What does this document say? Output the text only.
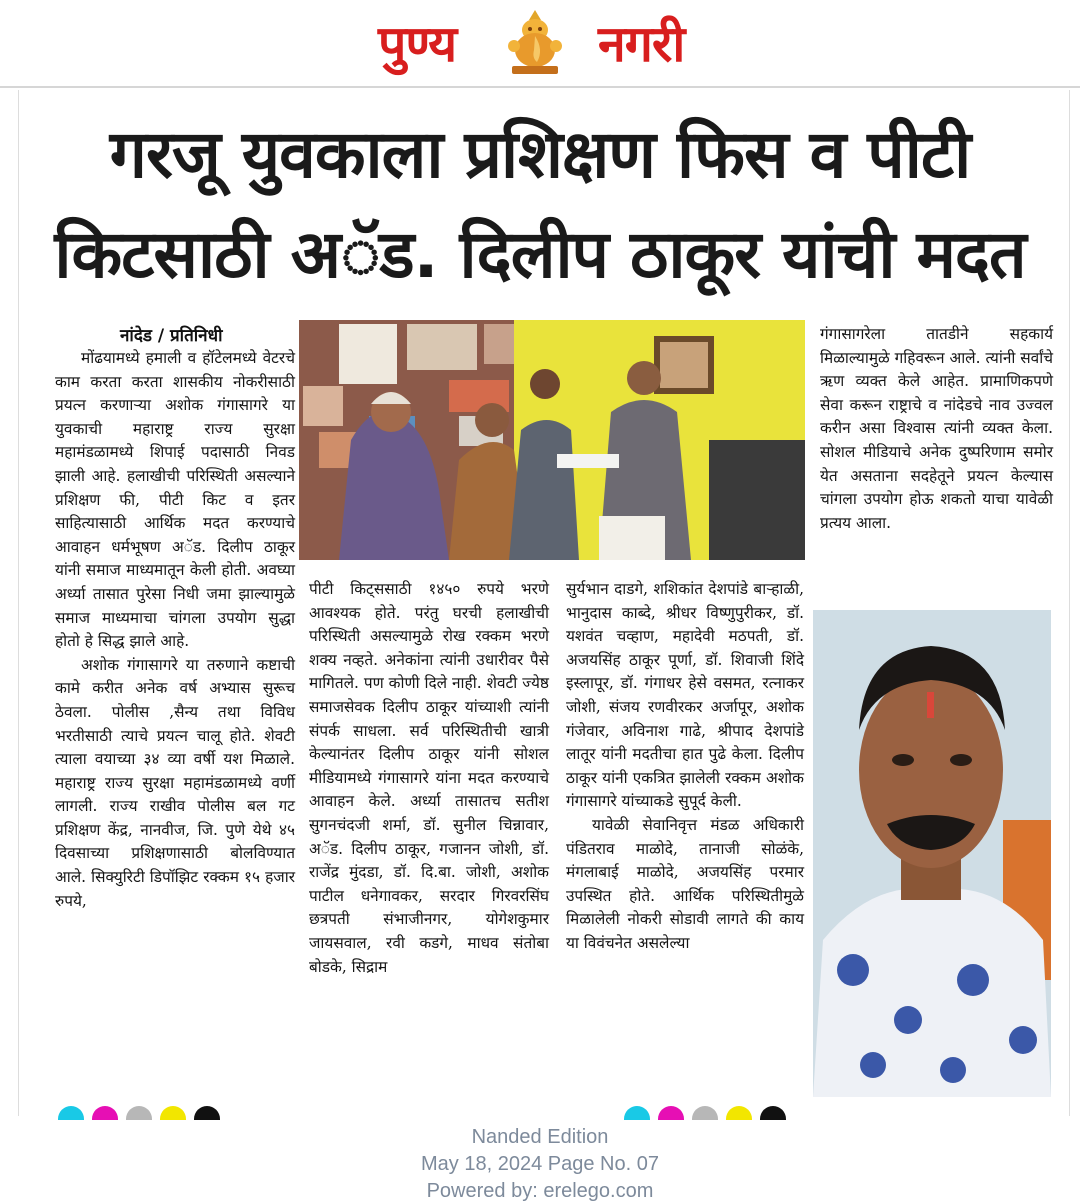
पुण्य	नगरी
गरजू युवकाला प्रशिक्षण फिस व पीटी
किटसाठी अॅड. दिलीप ठाकूर यांची मदत
नांदेड / प्रतिनिधी

मोंढयामध्ये हमाली व हॉटेलमध्ये वेटरचे काम करता करता शासकीय नोकरीसाठी प्रयत्न करणाऱ्या अशोक गंगासागरे या युवकाची महाराष्ट्र राज्य सुरक्षा महामंडळामध्ये शिपाई पदासाठी निवड झाली आहे. हलाखीची परिस्थिती असल्याने प्रशिक्षण फी, पीटी किट व इतर साहित्यासाठी आर्थिक मदत करण्याचे आवाहन धर्मभूषण अॅड. दिलीप ठाकूर यांनी समाज माध्यमातून केली होती. अवघ्या अर्ध्या तासात पुरेसा निधी जमा झाल्यामुळे समाज माध्यमाचा चांगला उपयोग सुद्धा होतो हे सिद्ध झाले आहे.

अशोक गंगासागरे या तरुणाने कष्टाची कामे करीत अनेक वर्ष अभ्यास सुरूच ठेवला. पोलीस ,सैन्य तथा विविध भरतीसाठी त्याचे प्रयत्न चालू होते. शेवटी त्याला वयाच्या ३४ व्या वर्षी यश मिळाले. महाराष्ट्र राज्य सुरक्षा महामंडळामध्ये वर्णी लागली. राज्य राखीव पोलीस बल गट प्रशिक्षण केंद्र, नानवीज, जि. पुणे येथे ४५ दिवसाच्या प्रशिक्षणासाठी बोलविण्यात आले. सिक्युरिटी डिपॉझिट रक्कम १५ हजार रुपये,

पीटी किट्ससाठी १४५० रुपये भरणे आवश्यक होते. परंतु घरची हलाखीची परिस्थिती असल्यामुळे रोख रक्कम भरणे शक्य नव्हते. अनेकांना त्यांनी उधारीवर पैसे मागितले. पण कोणी दिले नाही. शेवटी ज्येष्ठ समाजसेवक दिलीप ठाकूर यांच्याशी त्यांनी संपर्क साधला. सर्व परिस्थितीची खात्री केल्यानंतर दिलीप ठाकूर यांनी सोशल मीडियामध्ये गंगासागरे यांना मदत करण्याचे आवाहन केले. अर्ध्या तासातच सतीश सुगनचंदजी शर्मा, डॉ. सुनील चिन्नावार, अॅड. दिलीप ठाकूर, गजानन जोशी, डॉ. राजेंद्र मुंदडा, डॉ. दि.बा. जोशी, अशोक पाटील धनेगावकर, सरदार गिरवरसिंघ छत्रपती संभाजीनगर, योगेशकुमार जायसवाल, रवी कडगे, माधव संतोबा बोडके, सिद्राम

सुर्यभान दाडगे, शशिकांत देशपांडे बाऱ्हाळी, भानुदास काब्दे, श्रीधर विष्णुपुरीकर, डॉ. यशवंत चव्हाण, महादेवी मठपती, डॉ. अजयसिंह ठाकूर पूर्णा, डॉ. शिवाजी शिंदे इस्लापूर, डॉ. गंगाधर हेसे वसमत, रत्नाकर जोशी, संजय रणवीरकर अर्जापूर, अशोक गंजेवार, अविनाश गाढे, श्रीपाद देशपांडे लातूर यांनी मदतीचा हात पुढे केला. दिलीप ठाकूर यांनी एकत्रित झालेली रक्कम अशोक गंगासागरे यांच्याकडे सुपूर्द केली.

यावेळी सेवानिवृत्त मंडळ अधिकारी पंडितराव माळोदे, तानाजी सोळंके, मंगलाबाई माळोदे, अजयसिंह परमार उपस्थित होते. आर्थिक परिस्थितीमुळे मिळालेली नोकरी सोडावी लागते की काय या विवंचनेत असलेल्या

गंगासागरेला तातडीने सहकार्य मिळाल्यामुळे गहिवरून आले. त्यांनी सर्वांचे ऋण व्यक्त केले आहेत. प्रामाणिकपणे सेवा करून राष्ट्राचे व नांदेडचे नाव उज्वल करीन असा विश्वास त्यांनी व्यक्त केला. सोशल मीडियाचे अनेक दुष्परिणाम समोर येत असताना सदहेतूने प्रयत्न केल्यास चांगला उपयोग होऊ शकतो याचा यावेळी प्रत्यय आला.

Nanded Edition
May 18, 2024 Page No. 07
Powered by: erelego.com
